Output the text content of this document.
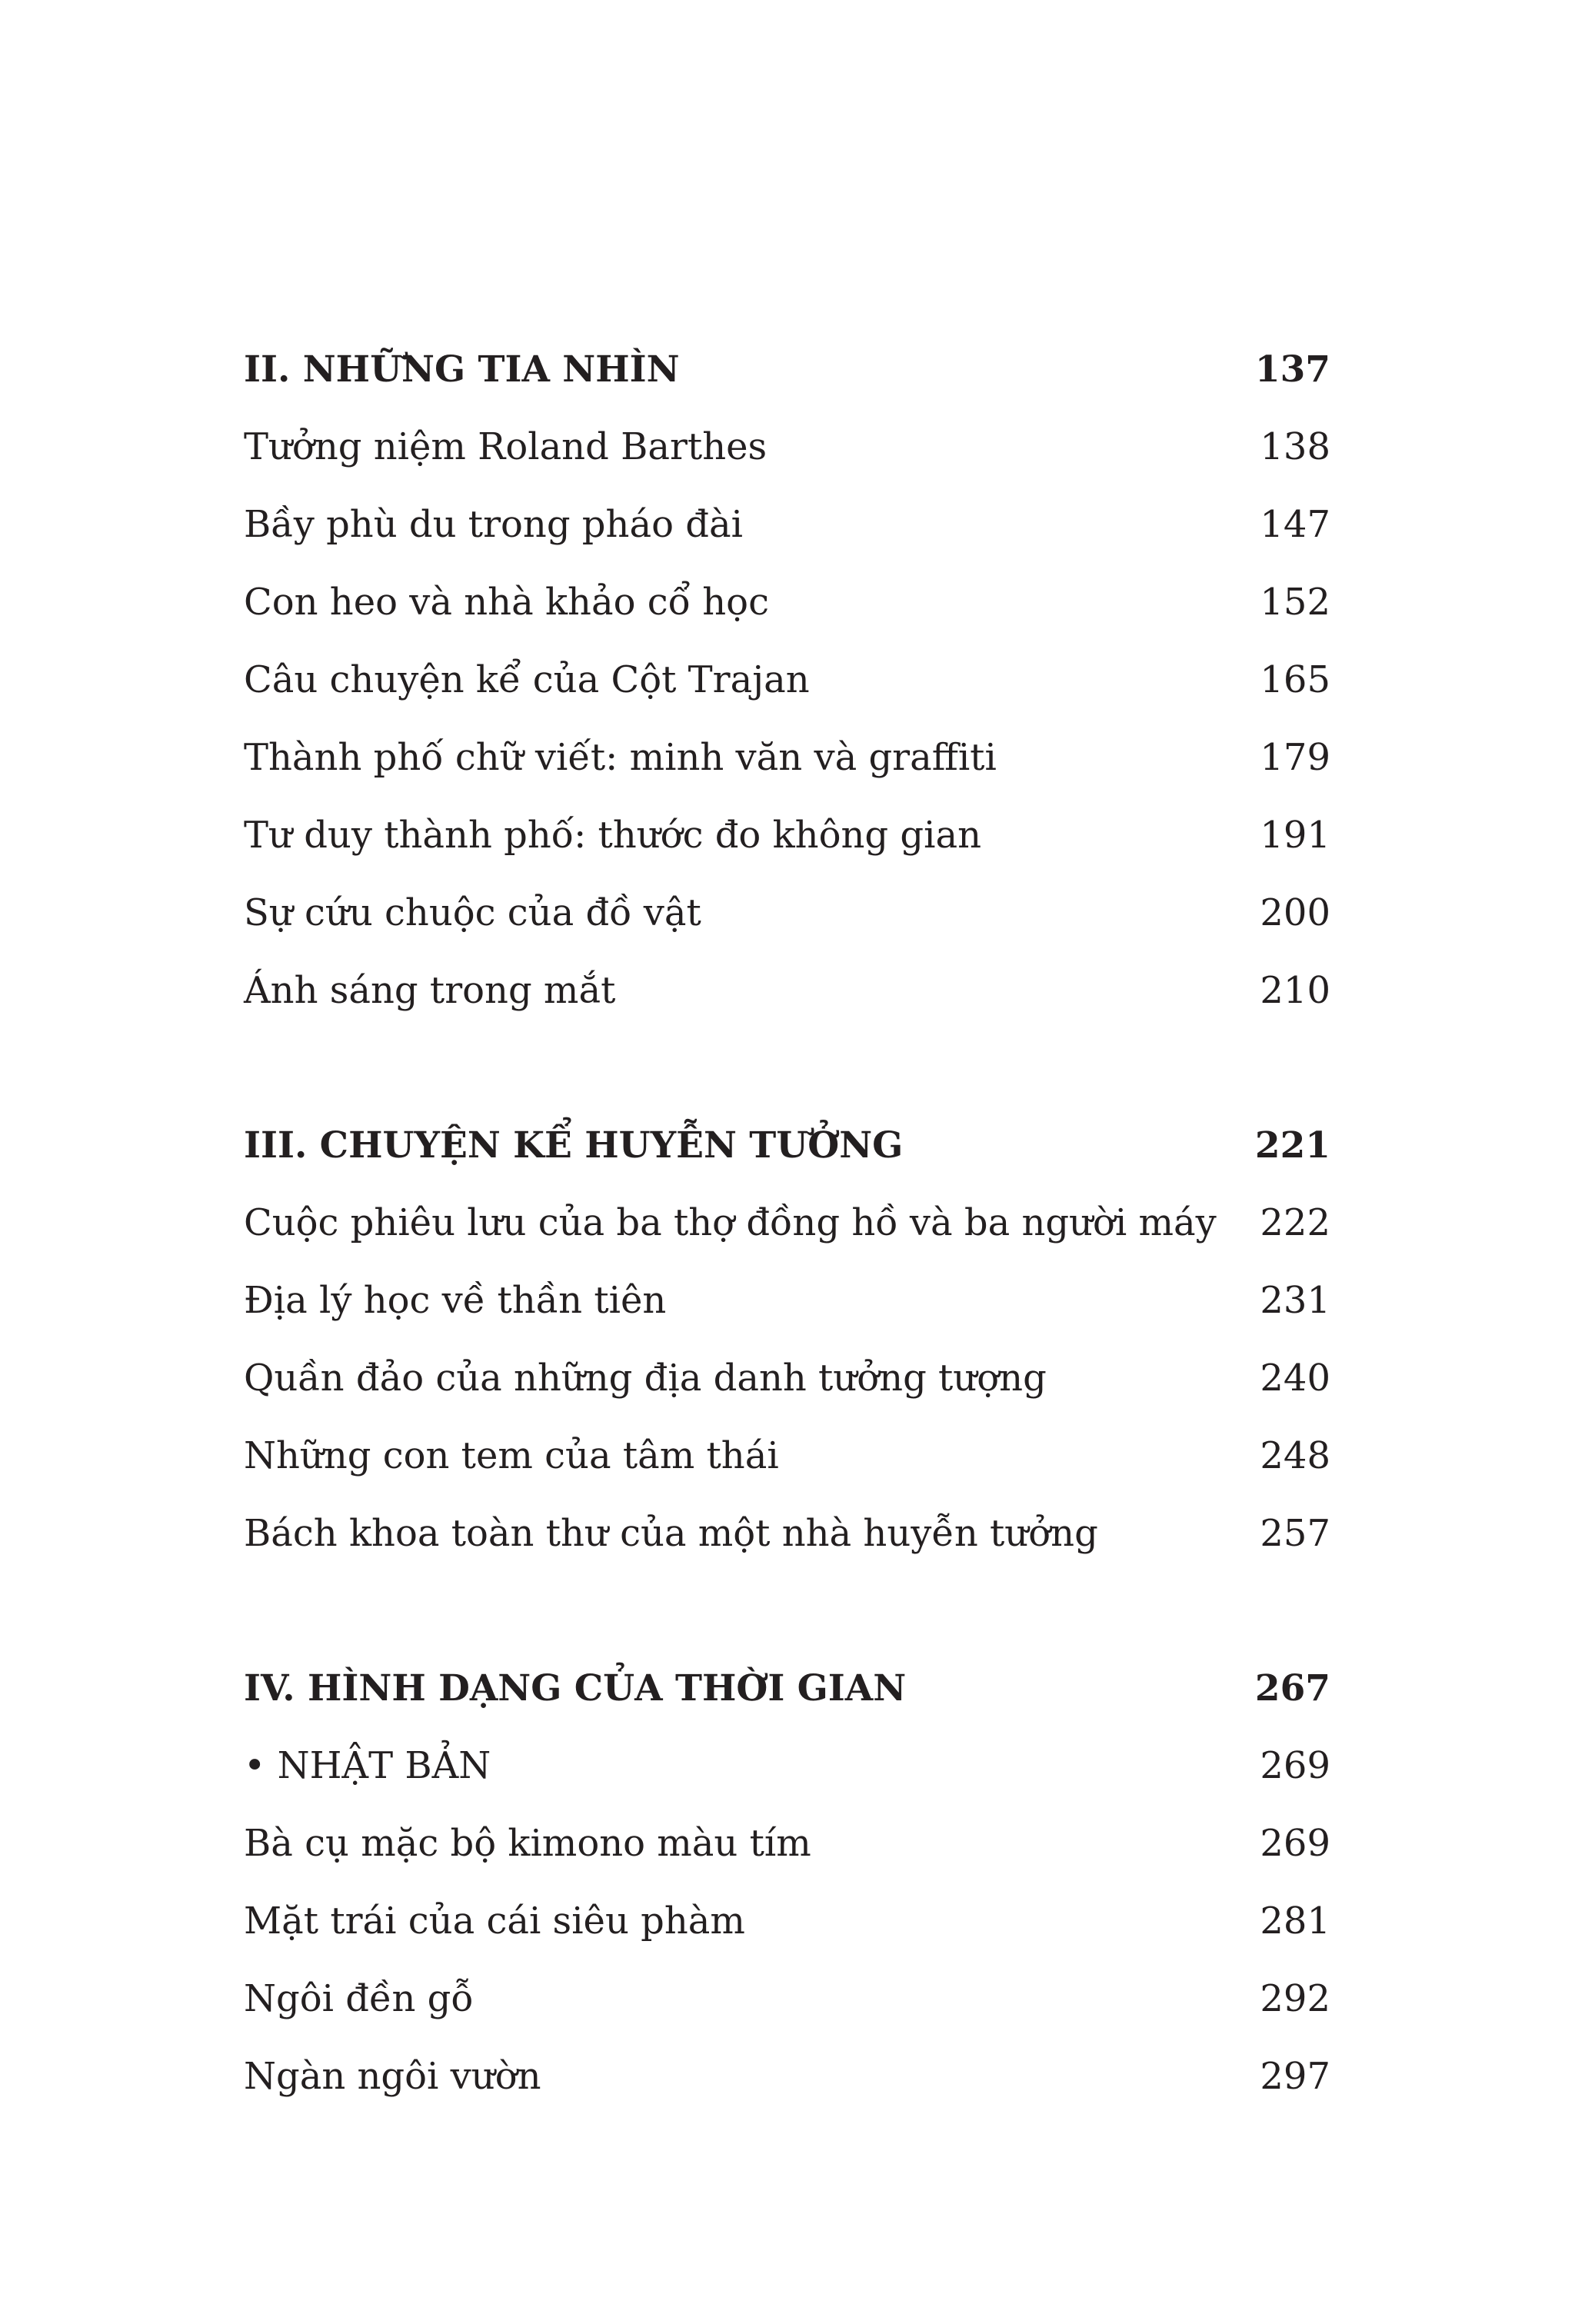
II. NHỮNG TIA NHÌN	137
Tưởng niệm Roland Barthes	138
Bầy phù du trong pháo đài	147
Con heo và nhà khảo cổ học	152
Câu chuyện kể của Cột Trajan	165
Thành phố chữ viết: minh văn và graffiti	179
Tư duy thành phố: thước đo không gian	191
Sự cứu chuộc của đồ vật	200
Ánh sáng trong mắt	210
III. CHUYỆN KỂ HUYỄN TƯỞNG	221
Cuộc phiêu lưu của ba thợ đồng hồ và ba người máy	222
Địa lý học về thần tiên	231
Quần đảo của những địa danh tưởng tượng	240
Những con tem của tâm thái	248
Bách khoa toàn thư của một nhà huyễn tưởng	257
IV. HÌNH DẠNG CỦA THỜI GIAN	267
• NHẬT BẢN	269
Bà cụ mặc bộ kimono màu tím	269
Mặt trái của cái siêu phàm	281
Ngôi đền gỗ	292
Ngàn ngôi vườn	297
